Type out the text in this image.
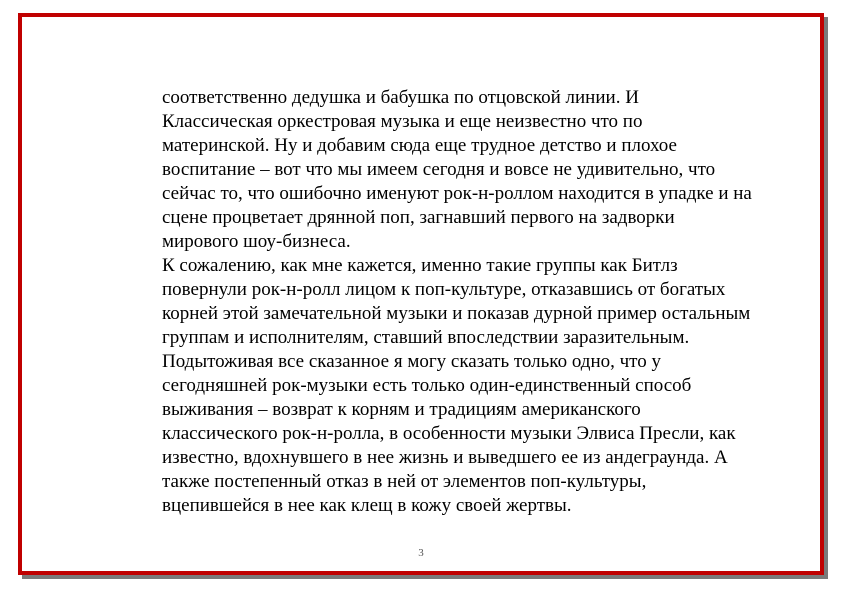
соответственно дедушка и бабушка по отцовской линии. И Классическая оркестровая музыка и еще неизвестно что по материнской. Ну и добавим сюда еще трудное детство и плохое воспитание – вот что мы имеем сегодня и вовсе не удивительно, что сейчас то, что ошибочно именуют рок-н-роллом находится в упадке и на сцене процветает дрянной поп, загнавший первого на задворки мирового шоу-бизнеса.

К сожалению, как мне кажется, именно такие группы как Битлз повернули рок-н-ролл лицом к поп-культуре, отказавшись от богатых корней этой замечательной музыки и показав дурной пример остальным группам и исполнителям, ставший впоследствии заразительным.

Подытоживая все сказанное я могу сказать только одно, что у сегодняшней рок-музыки есть только один-единственный способ выживания – возврат к корням и традициям американского классического рок-н-ролла, в особенности музыки Элвиса Пресли, как известно, вдохнувшего в нее жизнь и выведшего ее из андеграунда. А также постепенный отказ в ней от элементов поп-культуры, вцепившейся в нее как клещ в кожу своей жертвы.

3
